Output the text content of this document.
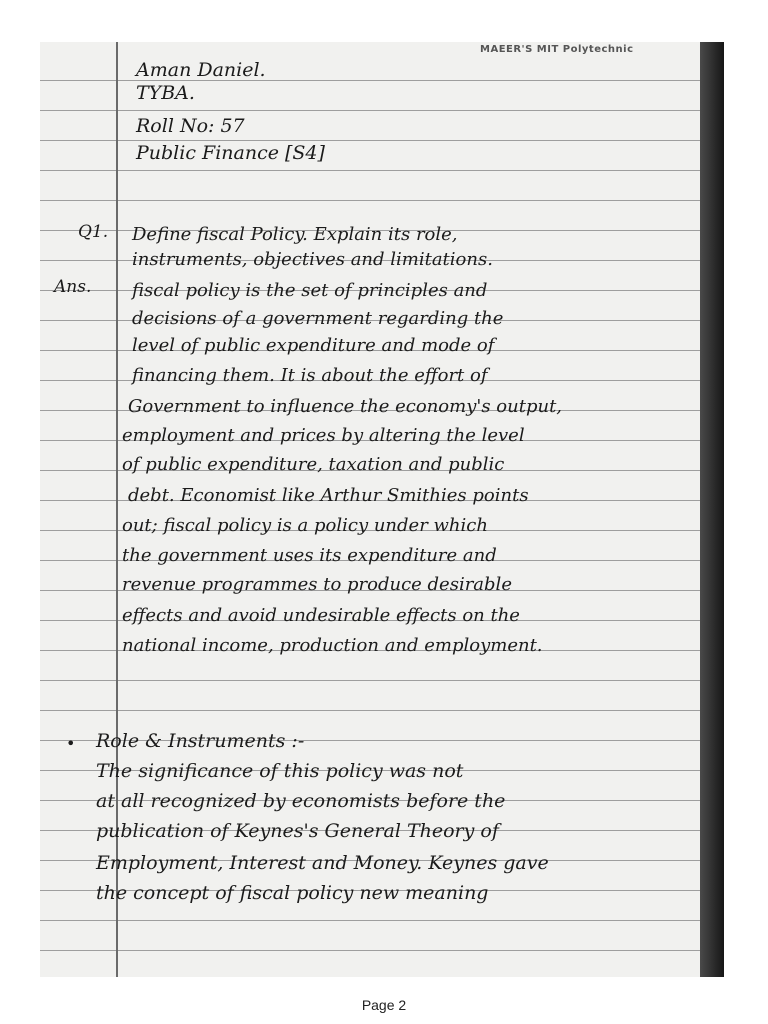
MAEER'S MIT Polytechnic
Aman Daniel.
TYBA.
Roll No: 57
Public Finance [S4]
Q1. Define fiscal Policy. Explain its role,
instruments, objectives and limitations.
Ans. fiscal policy is the set of principles and
decisions of a government regarding the
level of public expenditure and mode of
financing them. It is about the effort of
Government to influence the economy's output,
employment and prices by altering the level
of public expenditure, taxation and public
debt. Economist like Arthur Smithies points
out; fiscal policy is a policy under which
the government uses its expenditure and
revenue programmes to produce desirable
effects and avoid undesirable effects on the
national income, production and employment.
• Role & Instruments :-
The significance of this policy was not
at all recognized by economists before the
publication of Keynes's General Theory of
Employment, Interest and Money. Keynes gave
the concept of fiscal policy new meaning
Page 2
